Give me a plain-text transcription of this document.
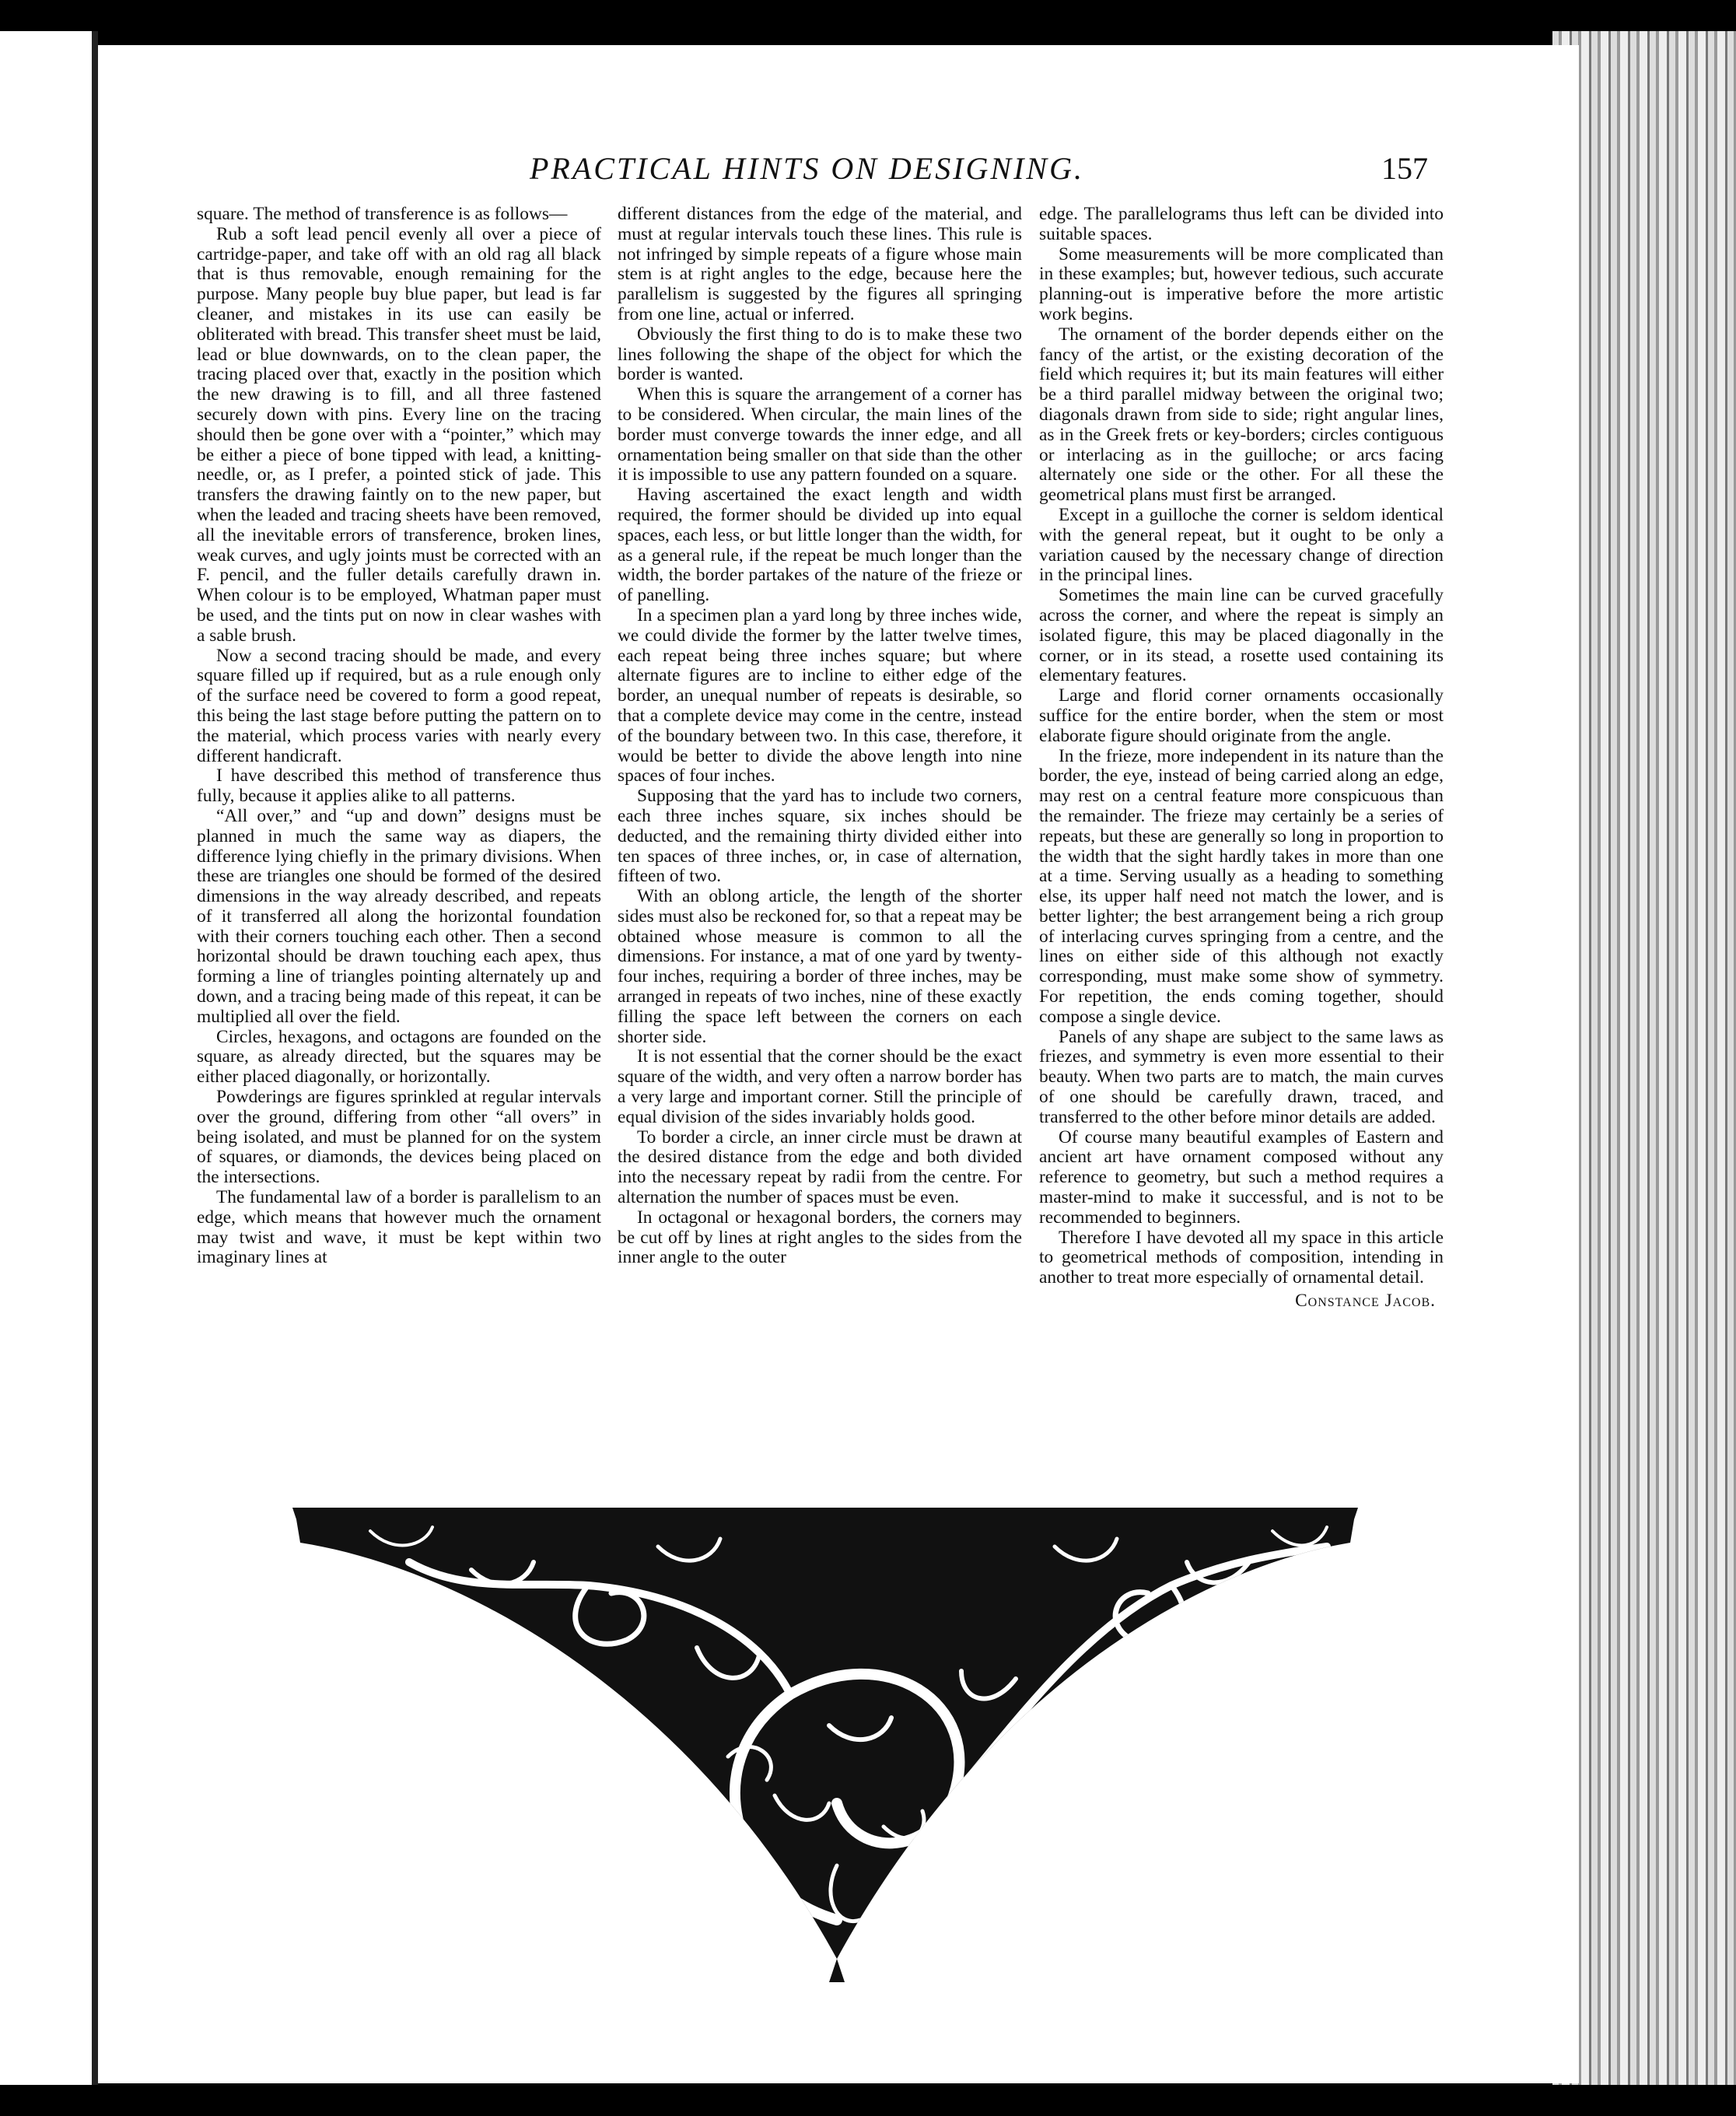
PRACTICAL HINTS ON DESIGNING.	157

square. The method of transference is as follows—

Rub a soft lead pencil evenly all over a piece of cartridge-paper, and take off with an old rag all black that is thus removable, enough remaining for the purpose. Many people buy blue paper, but lead is far cleaner, and mistakes in its use can easily be obliterated with bread. This transfer sheet must be laid, lead or blue downwards, on to the clean paper, the tracing placed over that, exactly in the position which the new drawing is to fill, and all three fastened securely down with pins. Every line on the tracing should then be gone over with a “pointer,” which may be either a piece of bone tipped with lead, a knitting-needle, or, as I prefer, a pointed stick of jade. This transfers the drawing faintly on to the new paper, but when the leaded and tracing sheets have been removed, all the inevitable errors of transference, broken lines, weak curves, and ugly joints must be corrected with an F. pencil, and the fuller details carefully drawn in. When colour is to be employed, Whatman paper must be used, and the tints put on now in clear washes with a sable brush.

Now a second tracing should be made, and every square filled up if required, but as a rule enough only of the surface need be covered to form a good repeat, this being the last stage before putting the pattern on to the material, which process varies with nearly every different handicraft.

I have described this method of transference thus fully, because it applies alike to all patterns.

“All over,” and “up and down” designs must be planned in much the same way as diapers, the difference lying chiefly in the primary divisions. When these are triangles one should be formed of the desired dimensions in the way already described, and repeats of it transferred all along the horizontal foundation with their corners touching each other. Then a second horizontal should be drawn touching each apex, thus forming a line of triangles pointing alternately up and down, and a tracing being made of this repeat, it can be multiplied all over the field.

Circles, hexagons, and octagons are founded on the square, as already directed, but the squares may be either placed diagonally, or horizontally.

Powderings are figures sprinkled at regular intervals over the ground, differing from other “all overs” in being isolated, and must be planned for on the system of squares, or diamonds, the devices being placed on the intersections.

The fundamental law of a border is parallelism to an edge, which means that however much the ornament may twist and wave, it must be kept within two imaginary lines at

different distances from the edge of the material, and must at regular intervals touch these lines. This rule is not infringed by simple repeats of a figure whose main stem is at right angles to the edge, because here the parallelism is suggested by the figures all springing from one line, actual or inferred.

Obviously the first thing to do is to make these two lines following the shape of the object for which the border is wanted.

When this is square the arrangement of a corner has to be considered. When circular, the main lines of the border must converge towards the inner edge, and all ornamentation being smaller on that side than the other it is impossible to use any pattern founded on a square.

Having ascertained the exact length and width required, the former should be divided up into equal spaces, each less, or but little longer than the width, for as a general rule, if the repeat be much longer than the width, the border partakes of the nature of the frieze or of panelling.

In a specimen plan a yard long by three inches wide, we could divide the former by the latter twelve times, each repeat being three inches square; but where alternate figures are to incline to either edge of the border, an unequal number of repeats is desirable, so that a complete device may come in the centre, instead of the boundary between two. In this case, therefore, it would be better to divide the above length into nine spaces of four inches.

Supposing that the yard has to include two corners, each three inches square, six inches should be deducted, and the remaining thirty divided either into ten spaces of three inches, or, in case of alternation, fifteen of two.

With an oblong article, the length of the shorter sides must also be reckoned for, so that a repeat may be obtained whose measure is common to all the dimensions. For instance, a mat of one yard by twenty-four inches, requiring a border of three inches, may be arranged in repeats of two inches, nine of these exactly filling the space left between the corners on each shorter side.

It is not essential that the corner should be the exact square of the width, and very often a narrow border has a very large and important corner. Still the principle of equal division of the sides invariably holds good.

To border a circle, an inner circle must be drawn at the desired distance from the edge and both divided into the necessary repeat by radii from the centre. For alternation the number of spaces must be even.

In octagonal or hexagonal borders, the corners may be cut off by lines at right angles to the sides from the inner angle to the outer

edge. The parallelograms thus left can be divided into suitable spaces.

Some measurements will be more complicated than in these examples; but, however tedious, such accurate planning-out is imperative before the more artistic work begins.

The ornament of the border depends either on the fancy of the artist, or the existing decoration of the field which requires it; but its main features will either be a third parallel midway between the original two; diagonals drawn from side to side; right angular lines, as in the Greek frets or key-borders; circles contiguous or interlacing as in the guilloche; or arcs facing alternately one side or the other. For all these the geometrical plans must first be arranged.

Except in a guilloche the corner is seldom identical with the general repeat, but it ought to be only a variation caused by the necessary change of direction in the principal lines.

Sometimes the main line can be curved gracefully across the corner, and where the repeat is simply an isolated figure, this may be placed diagonally in the corner, or in its stead, a rosette used containing its elementary features.

Large and florid corner ornaments occasionally suffice for the entire border, when the stem or most elaborate figure should originate from the angle.

In the frieze, more independent in its nature than the border, the eye, instead of being carried along an edge, may rest on a central feature more conspicuous than the remainder. The frieze may certainly be a series of repeats, but these are generally so long in proportion to the width that the sight hardly takes in more than one at a time. Serving usually as a heading to something else, its upper half need not match the lower, and is better lighter; the best arrangement being a rich group of interlacing curves springing from a centre, and the lines on either side of this although not exactly corresponding, must make some show of symmetry. For repetition, the ends coming together, should compose a single device.

Panels of any shape are subject to the same laws as friezes, and symmetry is even more essential to their beauty. When two parts are to match, the main curves of one should be carefully drawn, traced, and transferred to the other before minor details are added.

Of course many beautiful examples of Eastern and ancient art have ornament composed without any reference to geometry, but such a method requires a master-mind to make it successful, and is not to be recommended to beginners.

Therefore I have devoted all my space in this article to geometrical methods of composition, intending in another to treat more especially of ornamental detail.

Constance Jacob.
